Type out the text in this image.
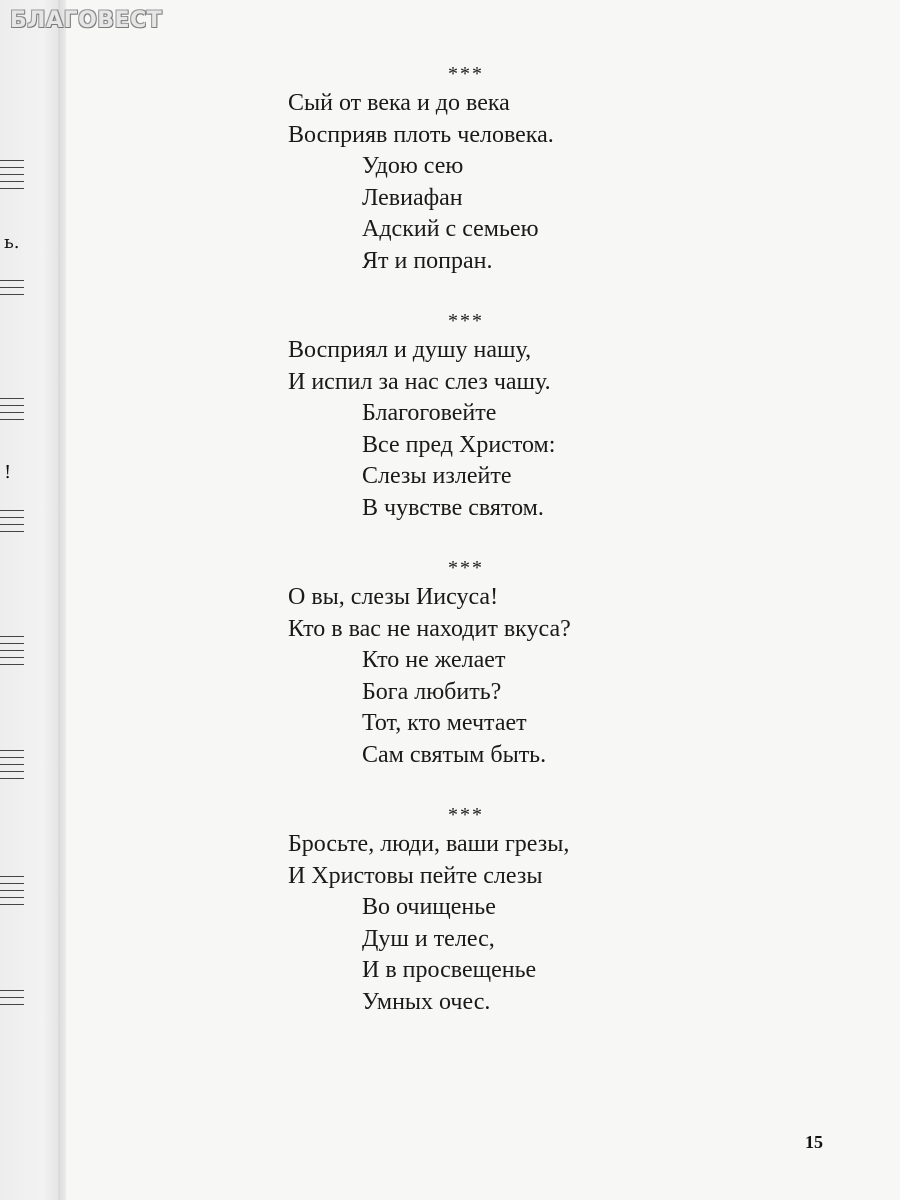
ь.
!
БЛАГОВЕСТ
***
Сый от века и до века
Восприяв плоть человека.
Удою сею
Левиафан
Адский с семьею
Ят и попран.
***
Восприял и душу нашу,
И испил за нас слез чашу.
Благоговейте
Все пред Христом:
Слезы излейте
В чувстве святом.
***
О вы, слезы Иисуса!
Кто в вас не находит вкуса?
Кто не желает
Бога любить?
Тот, кто мечтает
Сам святым быть.
***
Бросьте, люди, ваши грезы,
И Христовы пейте слезы
Во очищенье
Душ и телес,
И в просвещенье
Умных очес.
15
